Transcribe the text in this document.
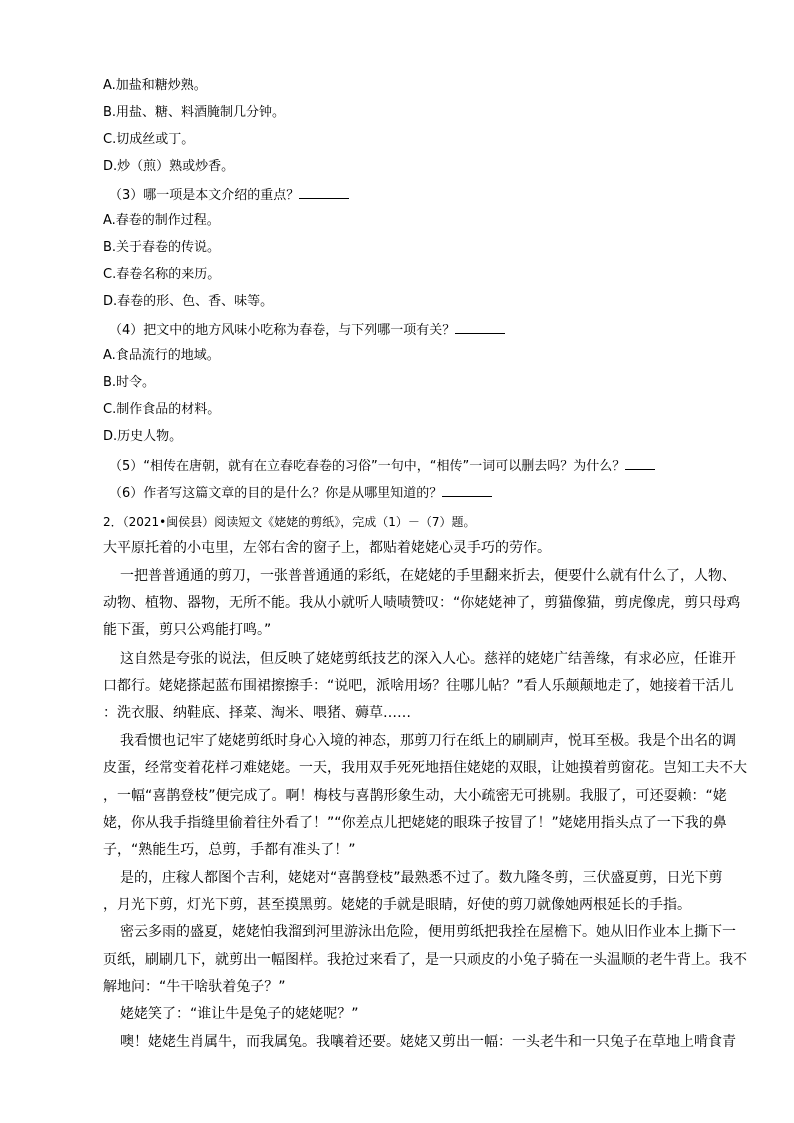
A.加盐和糖炒熟。
B.用盐、糖、料酒腌制几分钟。
C.切成丝或丁。
D.炒（煎）熟或炒香。
（3）哪一项是本文介绍的重点？
A.春卷的制作过程。
B.关于春卷的传说。
C.春卷名称的来历。
D.春卷的形、色、香、味等。
（4）把文中的地方风味小吃称为春卷，与下列哪一项有关？
A.食品流行的地域。
B.时令。
C.制作食品的材料。
D.历史人物。
（5）“相传在唐朝，就有在立春吃春卷的习俗”一句中，“相传”一词可以删去吗？为什么？
（6）作者写这篇文章的目的是什么？你是从哪里知道的？
2．（2021•闽侯县）阅读短文《姥姥的剪纸》，完成（1）－（7）题。
大平原托着的小屯里，左邻右舍的窗子上，都贴着姥姥心灵手巧的劳作。
一把普普通通的剪刀，一张普普通通的彩纸，在姥姥的手里翻来折去，便要什么就有什么了，人物、
动物、植物、器物，无所不能。我从小就听人啧啧赞叹：“你姥姥神了，剪猫像猫，剪虎像虎，剪只母鸡
能下蛋，剪只公鸡能打鸣。”
这自然是夸张的说法，但反映了姥姥剪纸技艺的深入人心。慈祥的姥姥广结善缘，有求必应，任谁开
口都行。姥姥搽起蓝布围裙擦擦手：“说吧，派啥用场？往哪儿帖？”看人乐颠颠地走了，她接着干活儿
：洗衣服、纳鞋底、择菜、淘米、喂猪、薅草……
我看惯也记牢了姥姥剪纸时身心入境的神态，那剪刀行在纸上的刷刷声，悦耳至极。我是个出名的调
皮蛋，经常变着花样刁难姥姥。一天，我用双手死死地捂住姥姥的双眼，让她摸着剪窗花。岂知工夫不大
，一幅“喜鹊登枝”便完成了。啊！梅枝与喜鹊形象生动，大小疏密无可挑剔。我服了，可还耍赖：“姥
姥，你从我手指缝里偷着往外看了！”“你差点儿把姥姥的眼珠子按冒了！”姥姥用指头点了一下我的鼻
子，“熟能生巧，总剪，手都有准头了！”
是的，庄稼人都图个吉利，姥姥对“喜鹊登枝”最熟悉不过了。数九隆冬剪，三伏盛夏剪，日光下剪
，月光下剪，灯光下剪，甚至摸黑剪。姥姥的手就是眼睛，好使的剪刀就像她两根延长的手指。
密云多雨的盛夏，姥姥怕我溜到河里游泳出危险，便用剪纸把我拴在屋檐下。她从旧作业本上撕下一
页纸，刷刷几下，就剪出一幅图样。我抢过来看了，是一只顽皮的小兔子骑在一头温顺的老牛背上。我不
解地问：“牛干啥驮着兔子？”
姥姥笑了：“谁让牛是兔子的姥姥呢？”
噢！姥姥生肖属牛，而我属兔。我嚷着还要。姥姥又剪出一幅：一头老牛和一只兔子在草地上啃食青
